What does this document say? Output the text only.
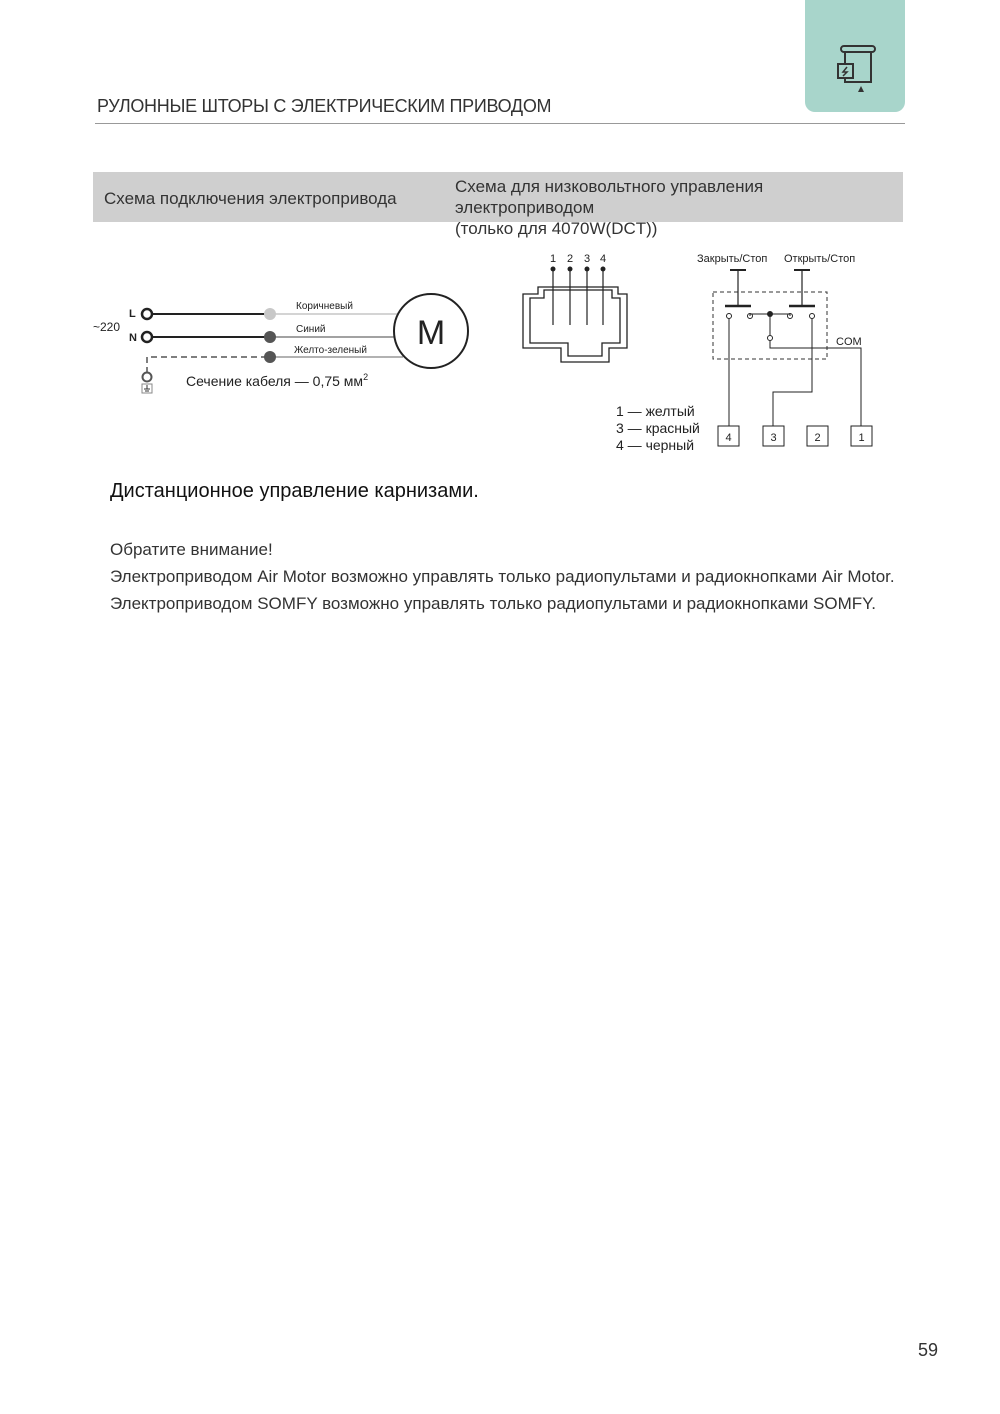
РУЛОННЫЕ ШТОРЫ С ЭЛЕКТРИЧЕСКИМ ПРИВОДОМ
Схема подключения электропривода
Схема для низковольтного управления электроприводом
(только для 4070W(DCT))
~220
L
N
Коричневый
Синий
Желто-зеленый M
Сечение кабеля — 0,75 $мм^2$
1 2 3 4
1 — желтый
3 — красный
4 — черный
Закрыть/Стоп Открыть/Стоп
COM
4	3	2	1
Дистанционное управление карнизами.
Обратите внимание!
Электроприводом Air Motor возможно управлять только радиопультами и радиокнопками Air Motor.
Электроприводом SOMFY возможно управлять только радиопультами и радиокнопками SOMFY.
59
